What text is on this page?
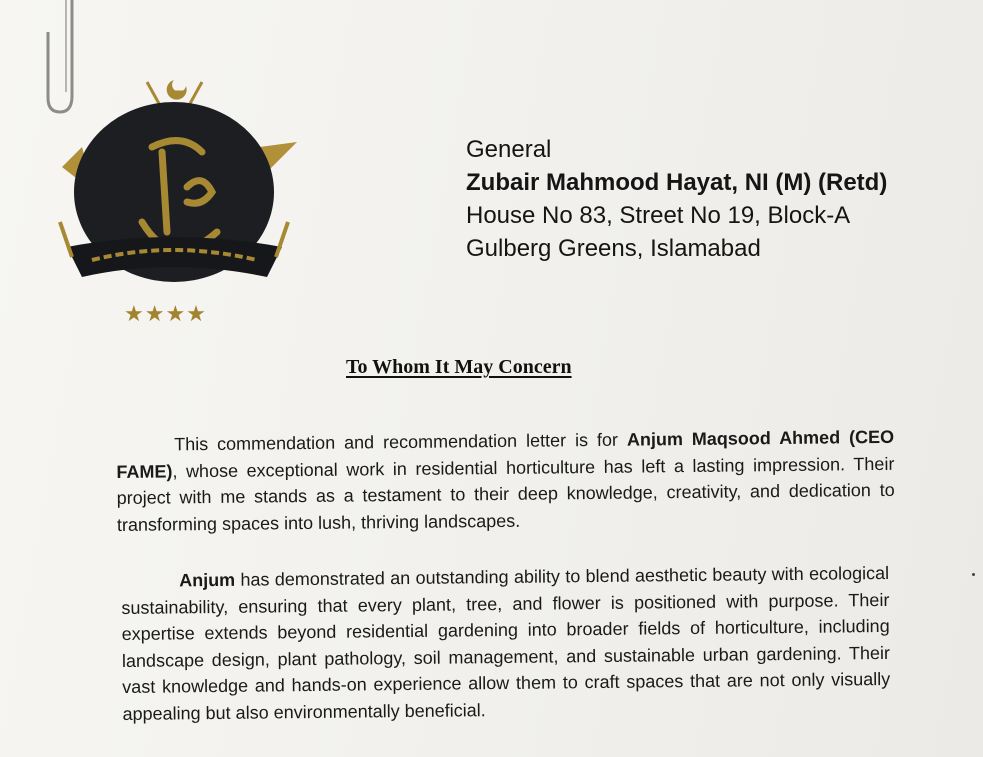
★★★★
General
Zubair Mahmood Hayat, NI (M) (Retd)
House No 83, Street No 19, Block-A
Gulberg Greens, Islamabad
To Whom It May Concern
This commendation and recommendation letter is for Anjum Maqsood Ahmed (CEO FAME), whose exceptional work in residential horticulture has left a lasting impression. Their project with me stands as a testament to their deep knowledge, creativity, and dedication to transforming spaces into lush, thriving landscapes.
Anjum has demonstrated an outstanding ability to blend aesthetic beauty with ecological sustainability, ensuring that every plant, tree, and flower is positioned with purpose. Their expertise extends beyond residential gardening into broader fields of horticulture, including landscape design, plant pathology, soil management, and sustainable urban gardening. Their vast knowledge and hands-on experience allow them to craft spaces that are not only visually appealing but also environmentally beneficial.
